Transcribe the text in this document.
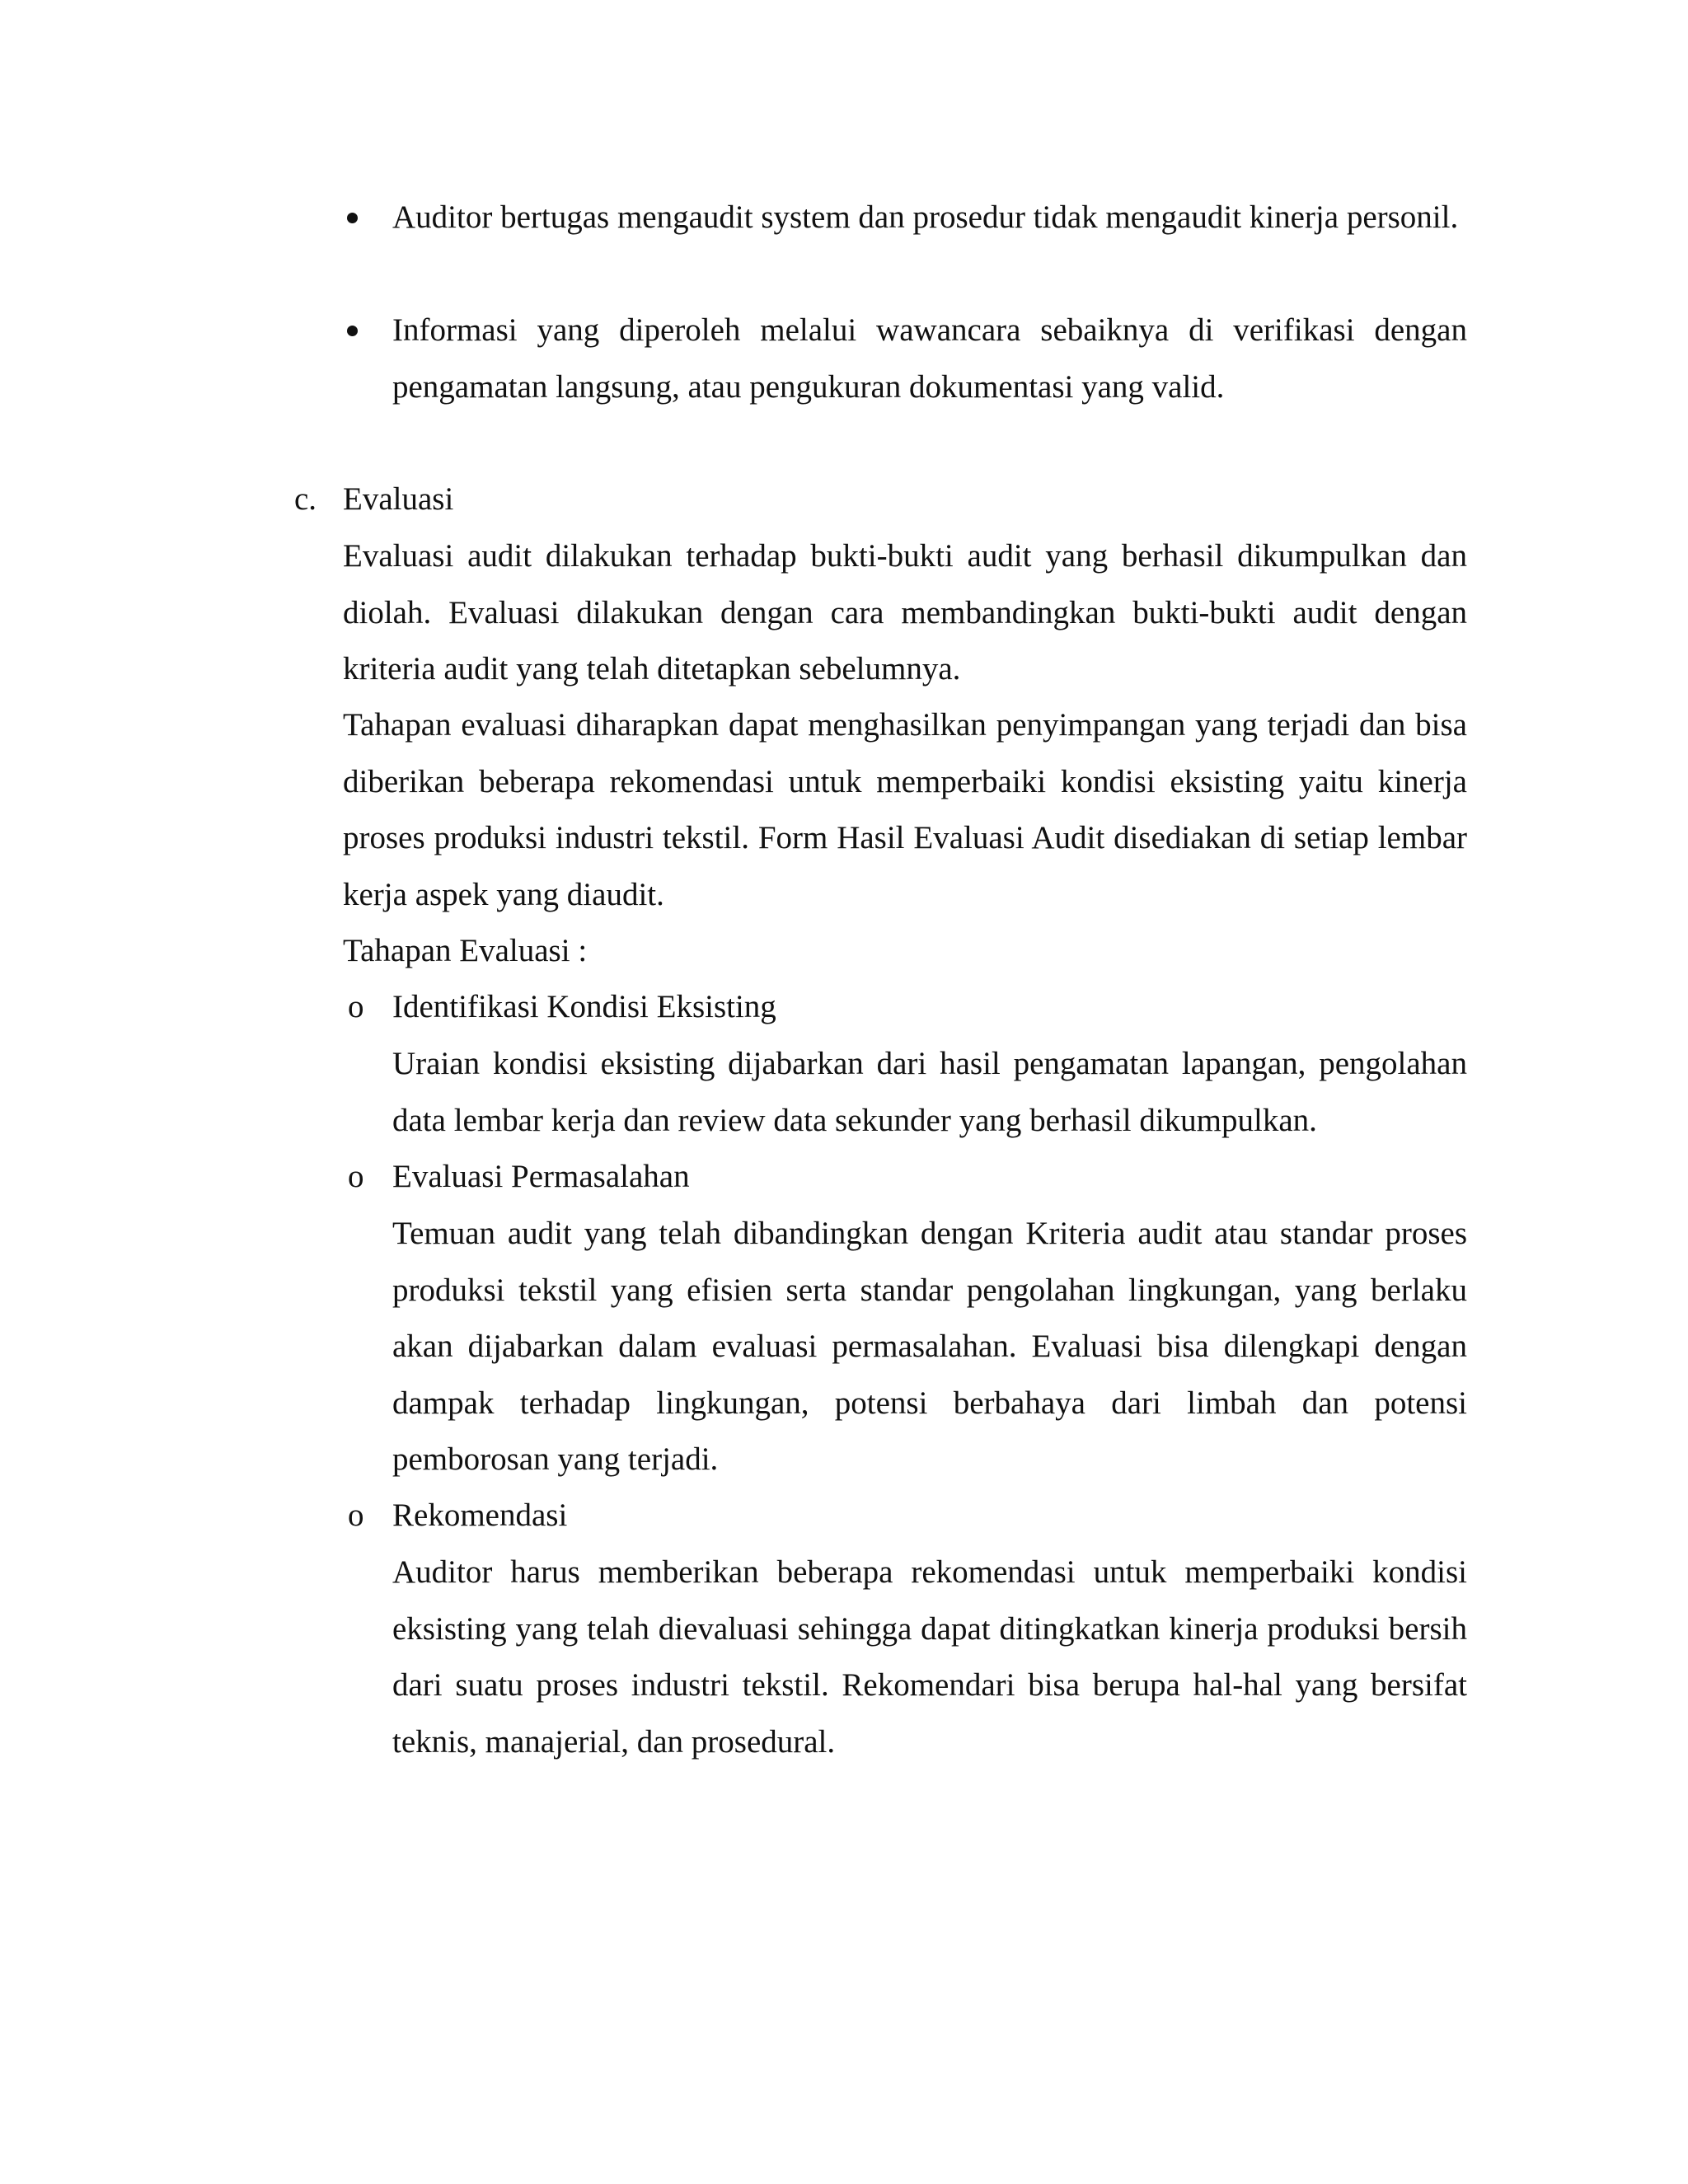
Auditor bertugas mengaudit system dan prosedur tidak mengaudit kinerja personil.

Informasi yang diperoleh melalui wawancara sebaiknya di verifikasi dengan pengamatan langsung, atau pengukuran dokumentasi yang valid.

c. Evaluasi

Evaluasi audit dilakukan terhadap bukti-bukti audit yang berhasil dikumpulkan dan diolah. Evaluasi dilakukan dengan cara membandingkan bukti-bukti audit dengan kriteria audit yang telah ditetapkan sebelumnya.

Tahapan evaluasi diharapkan dapat menghasilkan penyimpangan yang terjadi dan bisa diberikan beberapa rekomendasi untuk memperbaiki kondisi eksisting yaitu kinerja proses produksi industri tekstil. Form Hasil Evaluasi Audit disediakan di setiap lembar kerja aspek yang diaudit.

Tahapan Evaluasi :
o Identifikasi Kondisi Eksisting

Uraian kondisi eksisting dijabarkan dari hasil pengamatan lapangan, pengolahan data lembar kerja dan review data sekunder yang berhasil dikumpulkan.

o Evaluasi Permasalahan

Temuan audit yang telah dibandingkan dengan Kriteria audit atau standar proses produksi tekstil yang efisien serta standar pengolahan lingkungan, yang berlaku akan dijabarkan dalam evaluasi permasalahan. Evaluasi bisa dilengkapi dengan dampak terhadap lingkungan, potensi berbahaya dari limbah dan potensi pemborosan yang terjadi.

o Rekomendasi

Auditor harus memberikan beberapa rekomendasi untuk memperbaiki kondisi eksisting yang telah dievaluasi sehingga dapat ditingkatkan kinerja produksi bersih dari suatu proses industri tekstil. Rekomendari bisa berupa hal-hal yang bersifat teknis, manajerial, dan prosedural.
